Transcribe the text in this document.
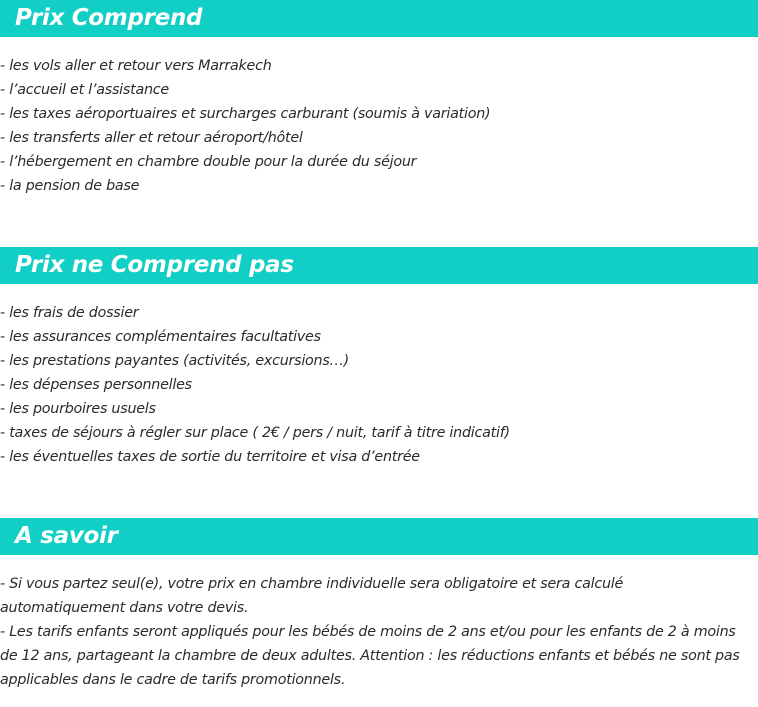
Prix Comprend
- les vols aller et retour vers Marrakech
- l’accueil et l’assistance
- les taxes aéroportuaires et surcharges carburant (soumis à variation)
- les transferts aller et retour aéroport/hôtel
- l’hébergement en chambre double pour la durée du séjour
- la pension de base
Prix ne Comprend pas
- les frais de dossier
- les assurances complémentaires facultatives
- les prestations payantes (activités, excursions…)
- les dépenses personnelles
- les pourboires usuels
- taxes de séjours à régler sur place ( 2€ / pers / nuit, tarif à titre indicatif)
- les éventuelles taxes de sortie du territoire et visa d’entrée
A savoir

- Si vous partez seul(e), votre prix en chambre individuelle sera obligatoire et sera calculé automatiquement dans votre devis.

- Les tarifs enfants seront appliqués pour les bébés de moins de 2 ans et/ou pour les enfants de 2 à moins de 12 ans, partageant la chambre de deux adultes. Attention : les réductions enfants et bébés ne sont pas applicables dans le cadre de tarifs promotionnels.
